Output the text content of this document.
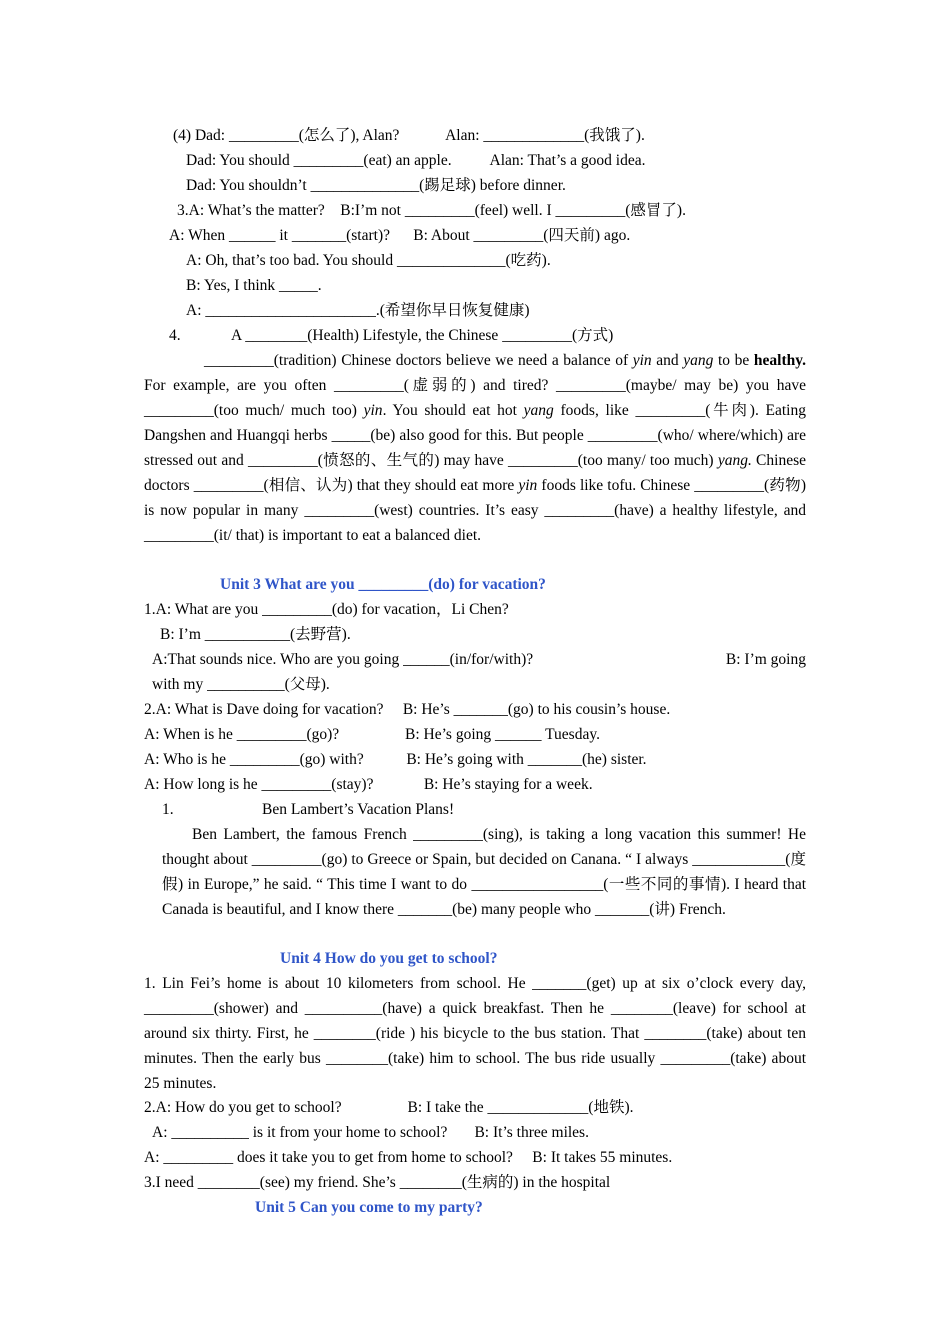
(4) Dad: _________(怎么了), Alan?            Alan: _____________(我饿了).
Dad: You should _________(eat) an apple.          Alan: That’s a good idea.
Dad: You shouldn’t ______________(踢足球) before dinner.
3.A: What’s the matter?    B:I’m not _________(feel) well. I _________(感冒了).
A: When ______ it _______(start)?      B: About _________(四天前) ago.
A: Oh, that’s too bad. You should ______________(吃药).
B: Yes, I think _____.
A: ______________________.(希望你早日恢复健康)
4.	A ________(Health) Lifestyle, the Chinese _________(方式)
_________(tradition) Chinese doctors believe we need a balance of yin and yang to be healthy. For example, are you often _________(虚弱的) and tired? _________(maybe/ may be) you have _________(too much/ much too) yin. You should eat hot yang foods, like _________(牛肉). Eating Dangshen and Huangqi herbs _____(be) also good for this. But people _________(who/ where/which) are stressed out and _________(愤怒的、生气的) may have _________(too many/ too much) yang. Chinese doctors _________(相信、认为) that they should eat more yin foods like tofu. Chinese _________(药物) is now popular in many _________(west) countries. It’s easy _________(have) a healthy lifestyle, and _________(it/ that) is important to eat a balanced diet.
Unit 3 What are you _________(do) for vacation?
1.A: What are you _________(do) for vacation，Li Chen?
B: I’m ___________(去野营).
A:That sounds nice. Who are you going ______(in/for/with)?	B: I’m going
with my __________(父母).
2.A: What is Dave doing for vacation?     B: He’s _______(go) to his cousin’s house.
A: When is he _________(go)?                 B: He’s going ______ Tuesday.
A: Who is he _________(go) with?           B: He’s going with _______(he) sister.
A: How long is he _________(stay)?             B: He’s staying for a week.
1.	Ben Lambert’s Vacation Plans!
Ben Lambert, the famous French _________(sing), is taking a long vacation this summer! He thought about _________(go) to Greece or Spain, but decided on Canana. “ I always ____________(度假) in Europe,” he said. “ This time I want to do _________________(一些不同的事情). I heard that Canada is beautiful, and I know there _______(be) many people who _______(讲) French.
Unit 4 How do you get to school?
1. Lin Fei’s home is about 10 kilometers from school. He _______(get) up at six o’clock every day, _________(shower) and __________(have) a quick breakfast. Then he ________(leave) for school at around six thirty. First, he ________(ride ) his bicycle to the bus station. That ________(take) about ten minutes. Then the early bus ________(take) him to school. The bus ride usually _________(take) about 25 minutes.
2.A: How do you get to school?                 B: I take the _____________(地铁).
A: __________ is it from your home to school?       B: It’s three miles.
A: _________ does it take you to get from home to school?     B: It takes 55 minutes.
3.I need ________(see) my friend. She’s ________(生病的) in the hospital
Unit 5 Can you come to my party?
